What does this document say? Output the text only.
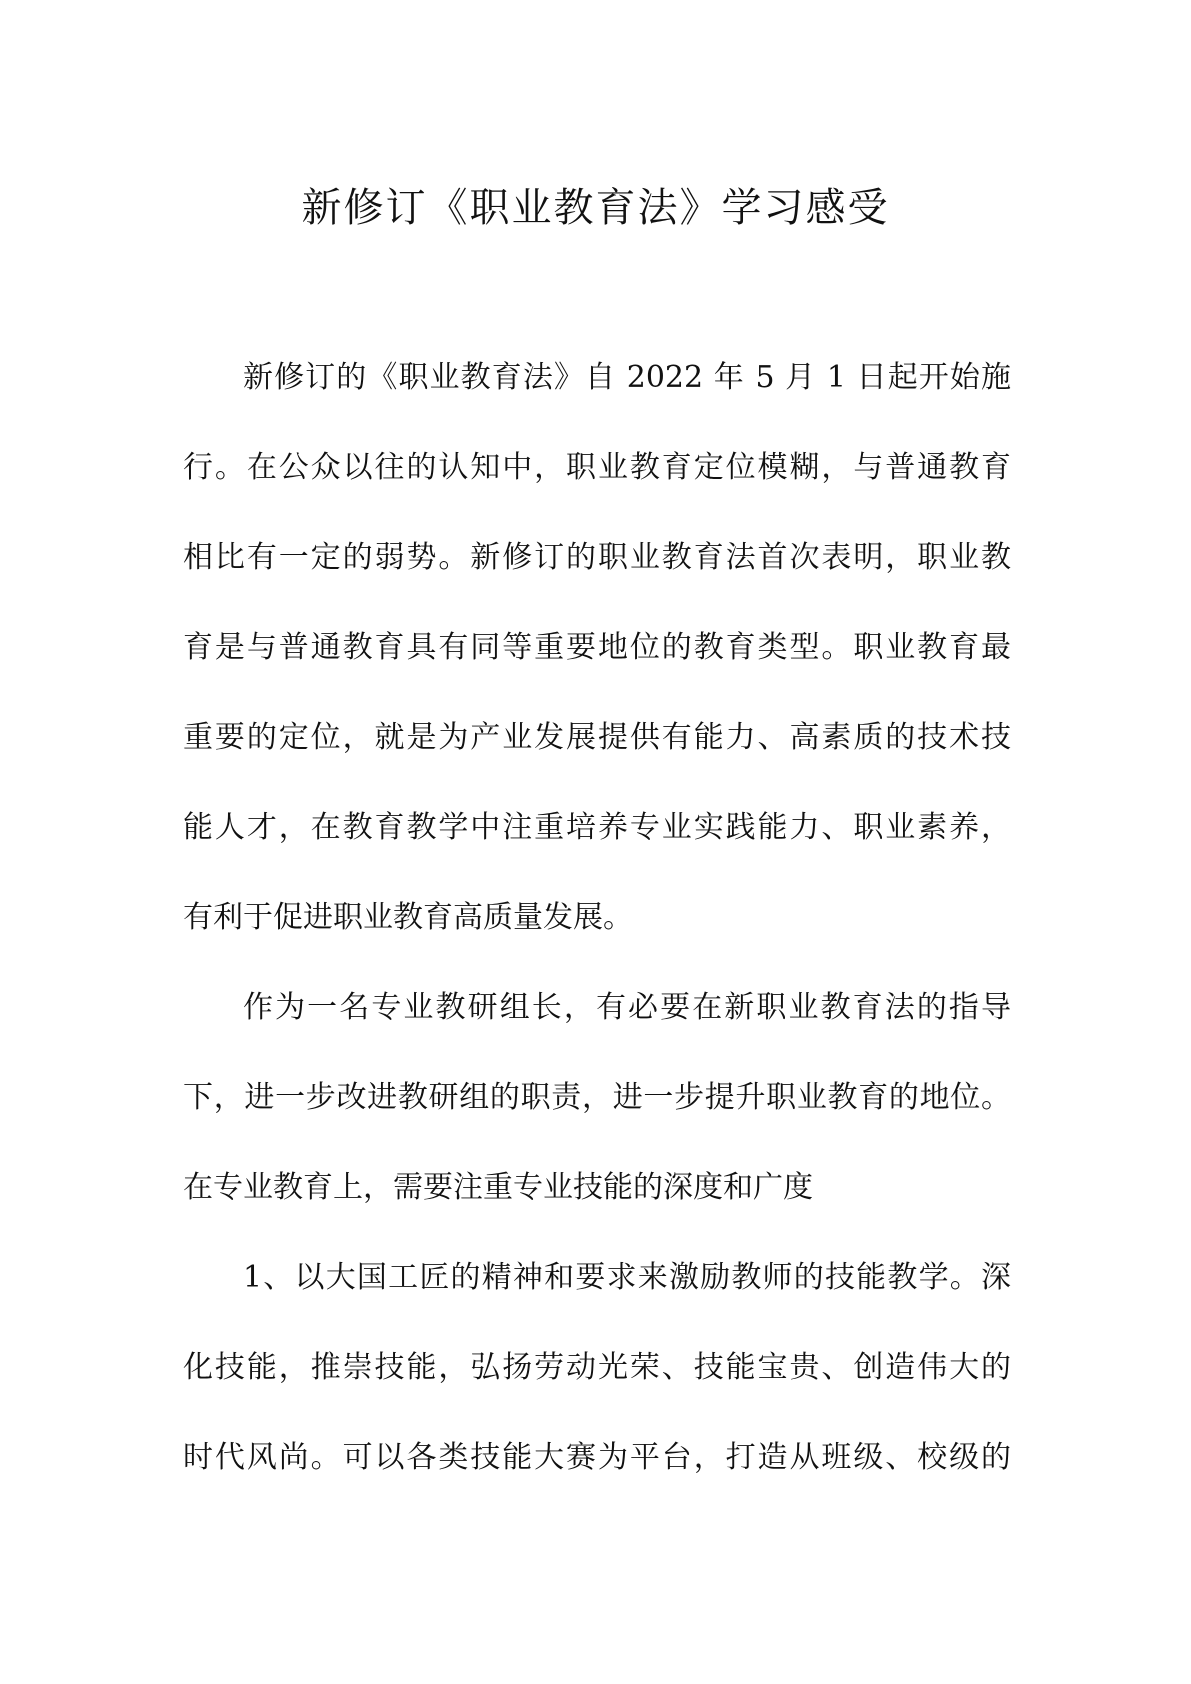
新修订《职业教育法》学习感受
新修订的《职业教育法》自 2022 年 5 月 1 日起开始施
行。在公众以往的认知中，职业教育定位模糊，与普通教育
相比有一定的弱势。新修订的职业教育法首次表明，职业教
育是与普通教育具有同等重要地位的教育类型。职业教育最
重要的定位，就是为产业发展提供有能力、高素质的技术技
能人才，在教育教学中注重培养专业实践能力、职业素养，
有利于促进职业教育高质量发展。
作为一名专业教研组长，有必要在新职业教育法的指导
下，进一步改进教研组的职责，进一步提升职业教育的地位。
在专业教育上，需要注重专业技能的深度和广度
1、以大国工匠的精神和要求来激励教师的技能教学。深
化技能，推崇技能，弘扬劳动光荣、技能宝贵、创造伟大的
时代风尚。可以各类技能大赛为平台，打造从班级、校级的
